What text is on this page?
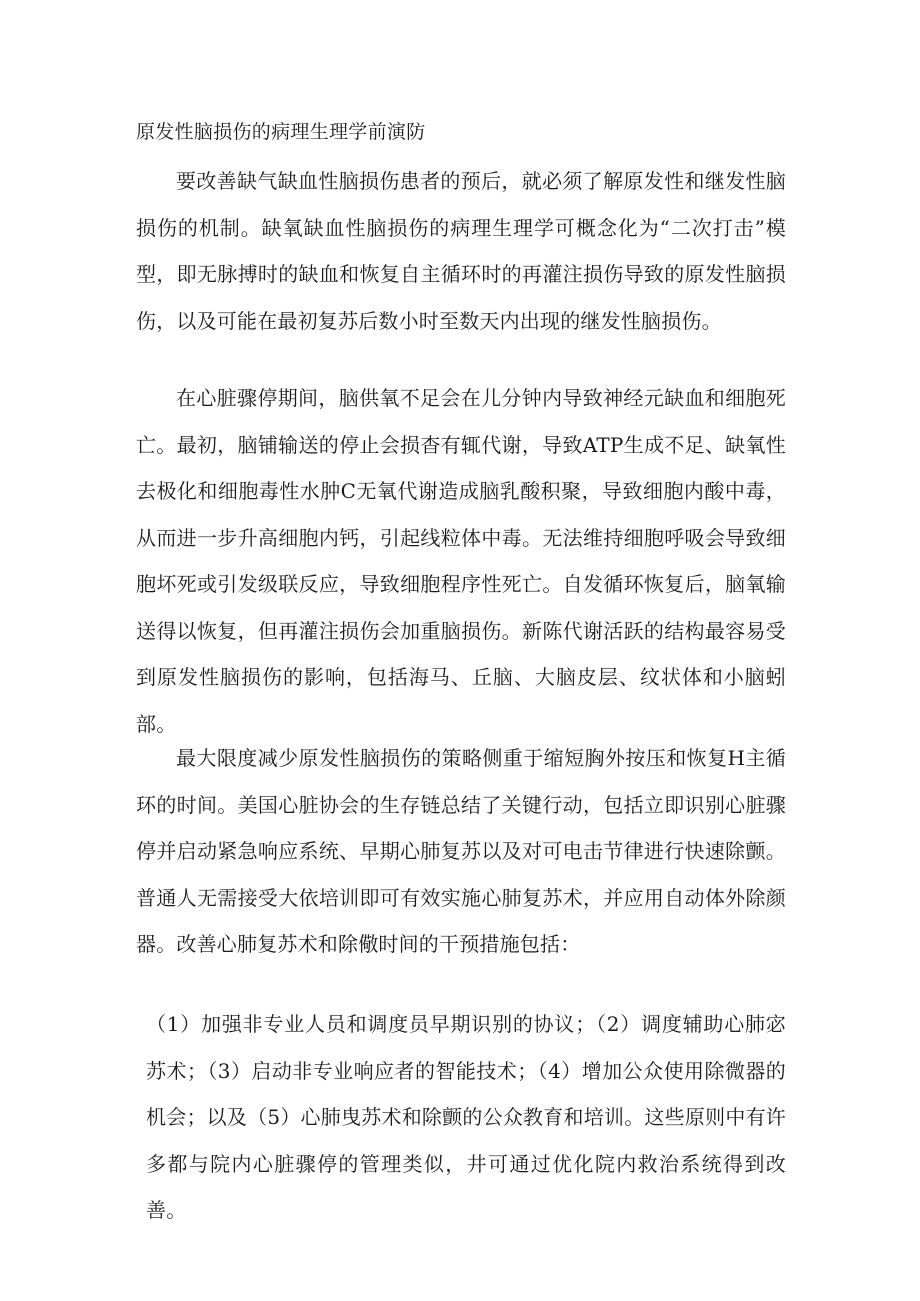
原发性脑损伤的病理生理学前演防

要改善缺气缺血性脑损伤患者的预后，就必须了解原发性和继发性脑损伤的机制。缺氧缺血性脑损伤的病理生理学可概念化为“二次打击”模型，即无脉搏时的缺血和恢复自主循环时的再灌注损伤导致的原发性脑损伤，以及可能在最初复苏后数小时至数天内出现的继发性脑损伤。

在心脏骤停期间，脑供氧不足会在儿分钟内导致神经元缺血和细胞死亡。最初，脑铺输送的停止会损杳有辄代谢，导致ATP生成不足、缺氧性去极化和细胞毒性水肿C无氧代谢造成脑乳酸积聚，导致细胞内酸中毒，从而进一步升高细胞内钙，引起线粒体中毒。无法维持细胞呼吸会导致细胞坏死或引发级联反应，导致细胞程序性死亡。自发循环恢复后，脑氧输送得以恢复，但再灌注损伤会加重脑损伤。新陈代谢活跃的结构最容易受到原发性脑损伤的影响，包括海马、丘脑、大脑皮层、纹状体和小脑蚓部。

最大限度减少原发性脑损伤的策略侧重于缩短胸外按压和恢复H主循环的时间。美国心脏协会的生存链总结了关键行动，包括立即识别心脏骤停并启动紧急响应系统、早期心肺复苏以及对可电击节律进行快速除颤。普通人无需接受大依培训即可有效实施心肺复苏术，并应用自动体外除颜器。改善心肺复苏术和除儆时间的干预措施包括：

（1）加强非专业人员和调度员早期识别的协议；（2）调度辅助心肺宓苏术；（3）启动非专业响应者的智能技术；（4）增加公众使用除微器的机会；以及（5）心肺曳苏术和除颤的公众教育和培训。这些原则中有许多都与院内心脏骤停的管理类似，井可通过优化院内救治系统得到改善。
